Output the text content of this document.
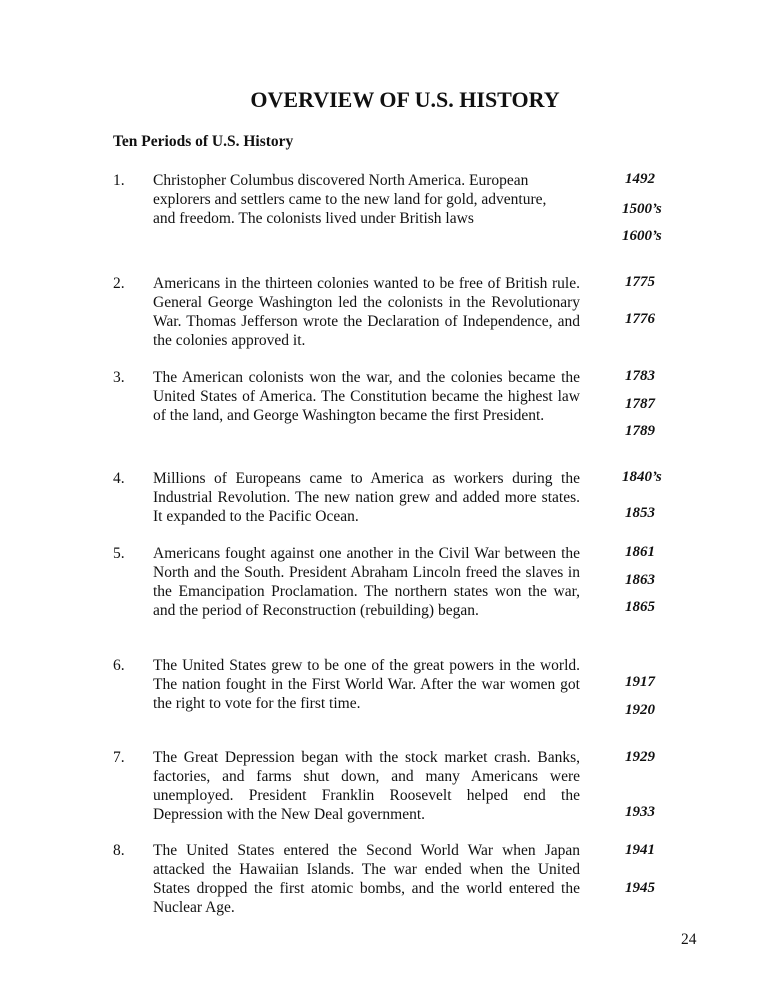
OVERVIEW OF U.S. HISTORY
Ten Periods of U.S. History
1. Christopher Columbus discovered North America. European explorers and settlers came to the new land for gold, adventure, and freedom. The colonists lived under British laws
1492
1500’s
1600’s
2. Americans in the thirteen colonies wanted to be free of British rule. General George Washington led the colonists in the Revolutionary War. Thomas Jefferson wrote the Declaration of Independence, and the colonies approved it.
1775
1776
3. The American colonists won the war, and the colonies became the United States of America. The Constitution became the highest law of the land, and George Washington became the first President.
1783
1787
1789
4. Millions of Europeans came to America as workers during the Industrial Revolution. The new nation grew and added more states. It expanded to the Pacific Ocean.
1840’s
1853
5. Americans fought against one another in the Civil War between the North and the South. President Abraham Lincoln freed the slaves in the Emancipation Proclamation. The northern states won the war, and the period of Reconstruction (rebuilding) began.
1861
1863
1865
6. The United States grew to be one of the great powers in the world. The nation fought in the First World War. After the war women got the right to vote for the first time.
1917
1920
7. The Great Depression began with the stock market crash. Banks, factories, and farms shut down, and many Americans were unemployed. President Franklin Roosevelt helped end the Depression with the New Deal government.
1929
1933
8. The United States entered the Second World War when Japan attacked the Hawaiian Islands. The war ended when the United States dropped the first atomic bombs, and the world entered the Nuclear Age.
1941
1945
24
